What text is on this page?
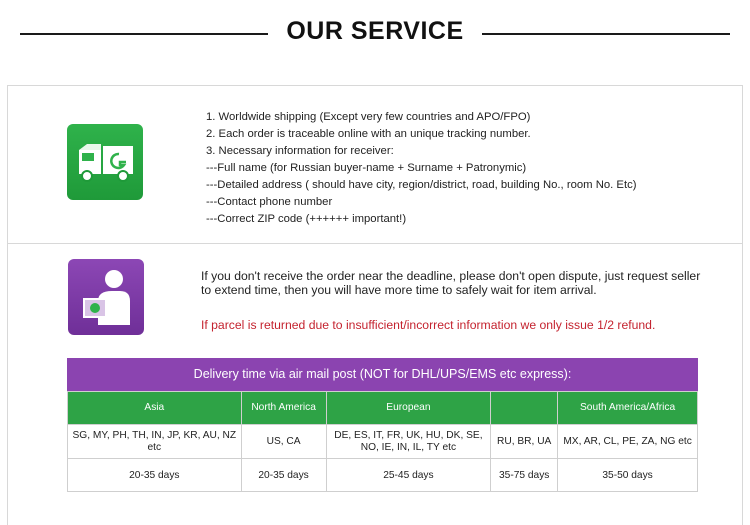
OUR SERVICE
1. Worldwide shipping (Except very few countries and APO/FPO)
2. Each order is traceable online with an unique tracking number.
3. Necessary information for receiver:
---Full name (for Russian buyer-name + Surname + Patronymic)
---Detailed address ( should have city, region/district, road, building No., room No. Etc)
---Contact phone number
---Correct ZIP code (++++++ important!)
If you don't receive the order near the deadline, please don't open dispute, just request seller to extend time, then you will have more time to safely wait for item arrival.
If parcel is returned due to insufficient/incorrect information we only issue 1/2 refund.
Delivery time via air mail post (NOT for DHL/UPS/EMS etc express):
Asia	North America	European		South America/Africa
SG, MY, PH, TH, IN, JP, KR, AU, NZ etc	US, CA	DE, ES, IT, FR, UK, HU, DK, SE, NO, IE, IN, IL, TY etc	RU, BR, UA	MX, AR, CL, PE, ZA, NG etc
20-35 days	20-35 days	25-45 days	35-75 days	35-50 days
